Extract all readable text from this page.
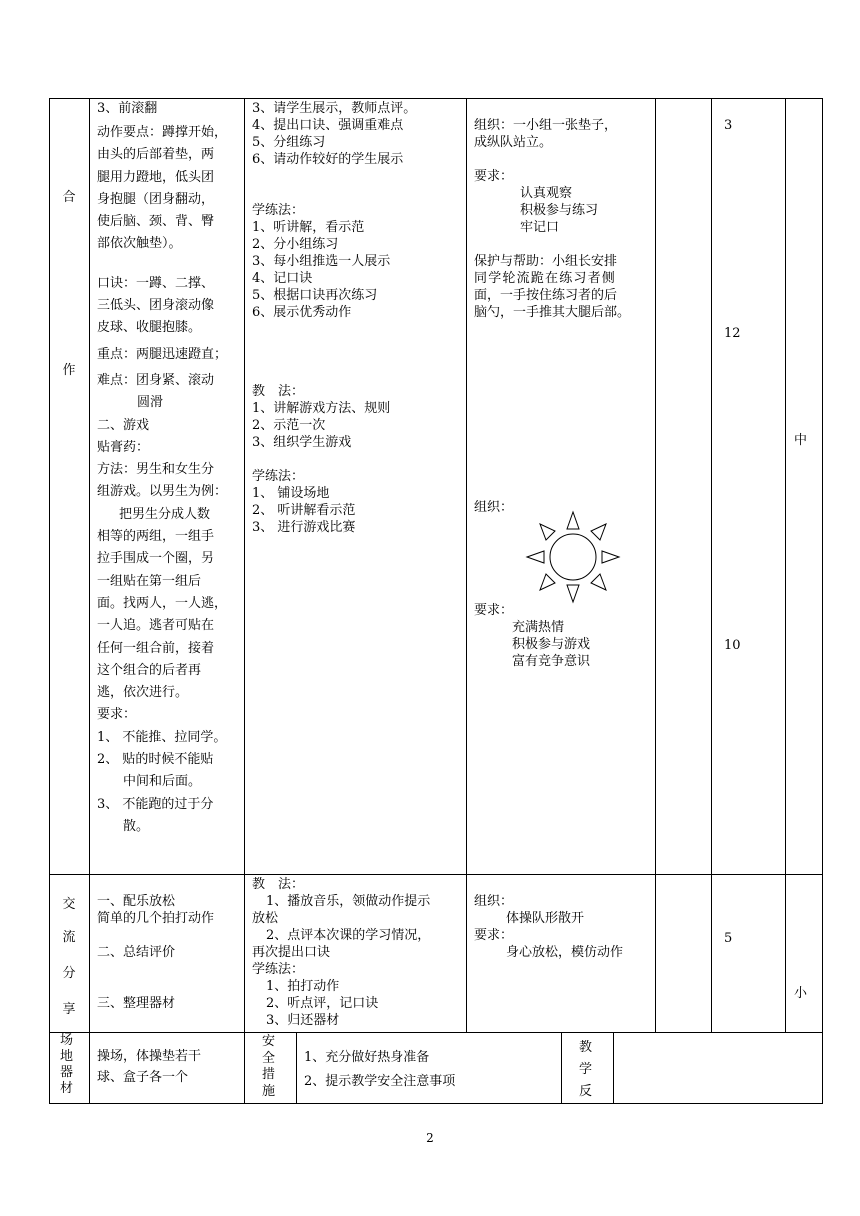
合
作
3、前滚翻
动作要点：蹲撑开始，
由头的后部着垫，两
腿用力蹬地，低头团
身抱腿（团身翻动，
使后脑、颈、背、臀
部依次触垫）。
口诀：一蹲、二撑、
三低头、团身滚动像
皮球、收腿抱膝。
重点：两腿迅速蹬直；
难点：团身紧、滚动
圆滑
二、游戏
贴膏药：
方法：男生和女生分
组游戏。以男生为例：
把男生分成人数
相等的两组，一组手
拉手围成一个圈，另
一组贴在第一组后
面。找两人，一人逃，
一人追。逃者可贴在
任何一组合前，接着
这个组合的后者再
逃，依次进行。
要求：
1、 不能推、拉同学。
2、 贴的时候不能贴
中间和后面。
3、 不能跑的过于分
散。
3、请学生展示，教师点评。
4、提出口诀、强调重难点
5、分组练习
6、请动作较好的学生展示
学练法：
1、听讲解，看示范
2、分小组练习
3、每小组推选一人展示
4、记口诀
5、根据口诀再次练习
6、展示优秀动作
教　法：
1、讲解游戏方法、规则
2、示范一次
3、组织学生游戏
学练法：
1、 铺设场地
2、 听讲解看示范
3、 进行游戏比赛
组织：一小组一张垫子，
成纵队站立。
要求：
认真观察
积极参与练习
牢记口
保护与帮助：小组长安排
同学轮流跪在练习者侧
面，一手按住练习者的后
脑勺，一手推其大腿后部。
组织：
要求：
充满热情
积极参与游戏
富有竞争意识
3
12
10
中
交
流
分
享
一、配乐放松
简单的几个拍打动作
二、总结评价
三、整理器材
教　法：
1、播放音乐，领做动作提示
放松
2、点评本次课的学习情况，
再次提出口诀
学练法：
1、拍打动作
2、听点评，记口诀
3、归还器材
组织：
体操队形散开
要求：
身心放松，模仿动作
5
小
场
地
器
材
操场，体操垫若干
球、盒子各一个
安
全
措
施
1、充分做好热身准备
2、提示教学安全注意事项
教
学
反
2
